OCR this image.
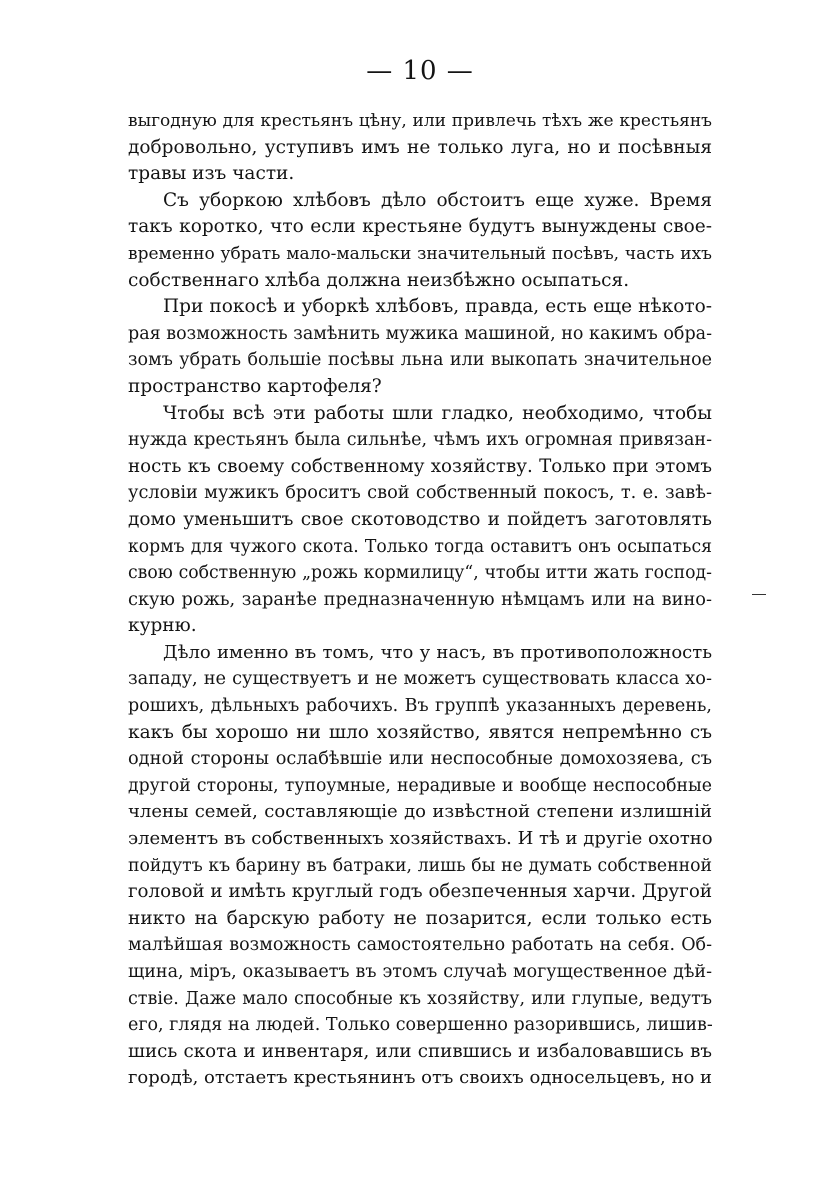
— 10 —
выгодную для крестьянъ цѣну, или привлечь тѣхъ же крестьянъ
добровольно, уступивъ имъ не только луга, но и посѣвныя
травы изъ части.
Съ уборкою хлѣбовъ дѣло обстоитъ еще хуже. Время
такъ коротко, что если крестьяне будутъ вынуждены свое-
временно убрать мало-мальски значительный посѣвъ, часть ихъ
собственнаго хлѣба должна неизбѣжно осыпаться.
При покосѣ и уборкѣ хлѣбовъ, правда, есть еще нѣкото-
рая возможность замѣнить мужика машиной, но какимъ обра-
зомъ убрать большіе посѣвы льна или выкопать значительное
пространство картофеля?
Чтобы всѣ эти работы шли гладко, необходимо, чтобы
нужда крестьянъ была сильнѣе, чѣмъ ихъ огромная привязан-
ность къ своему собственному хозяйству. Только при этомъ
условіи мужикъ броситъ свой собственный покосъ, т. е. завѣ-
домо уменьшитъ свое скотоводство и пойдетъ заготовлять
кормъ для чужого скота. Только тогда оставитъ онъ осыпаться
свою собственную „рожь кормилицу“, чтобы итти жать господ-
скую рожь, заранѣе предназначенную нѣмцамъ или на вино-
курню.
Дѣло именно въ томъ, что у насъ, въ противоположность
западу, не существуетъ и не можетъ существовать класса хо-
рошихъ, дѣльныхъ рабочихъ. Въ группѣ указанныхъ деревень,
какъ бы хорошо ни шло хозяйство, явятся непремѣнно съ
одной стороны ослабѣвшіе или неспособные домохозяева, съ
другой стороны, тупоумные, нерадивые и вообще неспособные
члены семей, составляющіе до извѣстной степени излишній
элементъ въ собственныхъ хозяйствахъ. И тѣ и другіе охотно
пойдутъ къ барину въ батраки, лишь бы не думать собственной
головой и имѣть круглый годъ обезпеченныя харчи. Другой
никто на барскую работу не позарится, если только есть
малѣйшая возможность самостоятельно работать на себя. Об-
щина, міръ, оказываетъ въ этомъ случаѣ могущественное дѣй-
ствіе. Даже мало способные къ хозяйству, или глупые, ведутъ
его, глядя на людей. Только совершенно разорившись, лишив-
шись скота и инвентаря, или спившись и избаловавшись въ
городѣ, отстаетъ крестьянинъ отъ своихъ односельцевъ, но и
